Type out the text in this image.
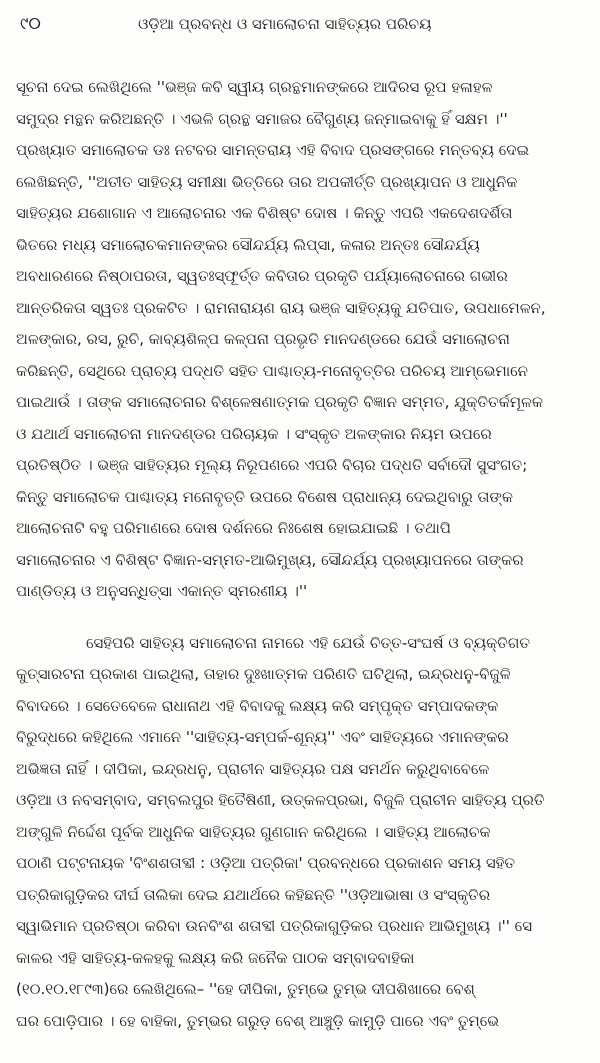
୯୦	ଓଡ଼ିଆ ପ୍ରବନ୍ଧ ଓ ସମାଲୋଚନା ସାହିତ୍ୟର ପରିଚୟ

ସୂଚନା ଦେଇ ଲେଖିଥିଲେ ''ଭଞ୍ଜ କବି ସ୍ୱୀୟ ଗ୍ରନ୍ଥମାନଙ୍କରେ ଆଦିରସ ରୂପ ହଳାହଳ
ସମୁଦ୍ର ମନ୍ଥନ କରିଅଛନ୍ତି । ଏଭଳି ଗ୍ରନ୍ଥ ସମାଜର ବୈଗୁଣ୍ୟ ଜନ୍ମାଇବାକୁ ହିଁ ସକ୍ଷମ ।''
ପ୍ରଖ୍ୟାତ ସମାଲୋଚକ ଡଃ ନଟବର ସାମନ୍ତରାୟ ଏହି ବିବାଦ ପ୍ରସଙ୍ଗରେ ମନ୍ତବ୍ୟ ଦେଇ
ଲେଖିଛନ୍ତି, ''ଅତୀତ ସାହିତ୍ୟ ସମୀକ୍ଷା ଭିତ୍ତିରେ ତାର ଅପକୀର୍ତ୍ତି ପ୍ରଖ୍ୟାପନ ଓ ଆଧୁନିକ
ସାହିତ୍ୟର ଯଶୋଗାନ ଏ ଆଲୋଚନାର ଏକ ବିଶିଷ୍ଟ ଦୋଷ । କିନ୍ତୁ ଏପରି ଏକଦେଶଦର୍ଶିତା
ଭିତରେ ମଧ୍ୟ ସମାଲୋଚକମାନଙ୍କର ସୌନ୍ଦର୍ଯ୍ୟ ଲିପ୍ସା, କଳାର ଅନ୍ତଃ ସୌନ୍ଦର୍ଯ୍ୟ
ଅବଧାରଣରେ ନିଷ୍ଠାପରତା, ସ୍ୱତଃସ୍ଫୂର୍ତ୍ତ କବିତାର ପ୍ରକୃତି ପର୍ଯ୍ୟାଲୋଚନାରେ ଗଭୀର
ଆନ୍ତରିକତା ସ୍ୱତଃ ପ୍ରକଟିତ । ରାମନାରାୟଣ ରାୟ ଭଞ୍ଜ ସାହିତ୍ୟକୁ ଯତିପାତ, ଉପଧାମେଳନ,
ଅଳଙ୍କାର, ରସ, ରୁଚି, କାବ୍ୟଶିଳ୍ପ କଳ୍ପନା ପ୍ରଭୃତି ମାନଦଣ୍ଡରେ ଯେଉଁ ସମାଲୋଚନା
କରିଛନ୍ତି, ସେଥିରେ ପ୍ରାଚ୍ୟ ପଦ୍ଧତି ସହିତ ପାଶ୍ଚାତ୍ୟ-ମନୋବୃତ୍ତିର ପରିଚୟ ଆମ୍ଭେମାନେ
ପାଇଥାଉଁ । ତାଙ୍କ ସମାଲୋଚନାର ବିଶ୍ଳେଷଣାତ୍ମକ ପ୍ରକୃତି ବିଜ୍ଞାନ ସମ୍ମତ, ଯୁକ୍ତିତର୍କମୂଳକ
ଓ ଯଥାର୍ଥ ସମାଲୋଚନା ମାନଦଣ୍ଡର ପରିଚାୟକ । ସଂସ୍କୃତ ଅଳଙ୍କାର ନିୟମ ଉପରେ
ପ୍ରତିଷ୍ଠିତ । ଭଞ୍ଜ ସାହିତ୍ୟର ମୂଲ୍ୟ ନିରୂପଣରେ ଏପରି ବିଚାର ପଦ୍ଧତି ସର୍ବାଦୌ ସୁସଂଗତ;
କିନ୍ତୁ ସମାଲୋଚକ ପାଶ୍ଚାତ୍ୟ ମନୋବୃତ୍ତି ଉପରେ ବିଶେଷ ପ୍ରାଧାନ୍ୟ ଦେଇଥିବାରୁ ତାଙ୍କ
ଆଲୋଚନାଟି ବହୁ ପରିମାଣରେ ଦୋଷ ଦର୍ଶନରେ ନିଃଶେଷ ହୋଇଯାଇଛି । ତଥାପି
ସମାଲୋଚନାର ଏ ବିଶିଷ୍ଟ ବିଜ୍ଞାନ-ସମ୍ମତ-ଆଭିମୁଖ୍ୟ, ସୌନ୍ଦର୍ଯ୍ୟ ପ୍ରଖ୍ୟାପନରେ ତାଙ୍କର
ପାଣ୍ଡିତ୍ୟ ଓ ଅନୁସନ୍ଧିତ୍ସା ଏକାନ୍ତ ସ୍ମରଣୀୟ ।''

ସେହିପରି ସାହିତ୍ୟ ସମାଲୋଚନା ନାମରେ ଏହି ଯେଉଁ ଚିତ୍ତ-ସଂଘର୍ଷ ଓ ବ୍ୟକ୍ତିଗତ
କୁତ୍ସାରଟନା ପ୍ରକାଶ ପାଇଥିଲା, ତାହାର ଦୁଃଖାତ୍ମକ ପରିଣତି ଘଟିଥିଲା, ଇନ୍ଦ୍ରଧନୁ-ବିଜୁଳି
ବିବାଦରେ । ସେତେବେଳେ ରାଧାନାଥ ଏହି ବିବାଦକୁ ଲକ୍ଷ୍ୟ କରି ସମ୍ପୃକ୍ତ ସମ୍ପାଦକଙ୍କ
ବିରୁଦ୍ଧରେ କହିଥିଲେ ଏମାନେ ''ସାହିତ୍ୟ-ସମ୍ପର୍କ-ଶୂନ୍ୟ'' ଏବଂ ସାହିତ୍ୟରେ ଏମାନଙ୍କର
ଅଭିଜ୍ଞତା ନାହିଁ । ଦୀପିକା, ଇନ୍ଦ୍ରଧନୁ, ପ୍ରାଚୀନ ସାହିତ୍ୟର ପକ୍ଷ ସମର୍ଥନ କରୁଥିବାବେଳେ
ଓଡ଼ିଆ ଓ ନବସମ୍ବାଦ, ସମ୍ବଲପୁର ହିତୈଷିଣୀ, ଉତ୍କଳପ୍ରଭା, ବିଜୁଳି ପ୍ରାଚୀନ ସାହିତ୍ୟ ପ୍ରତି
ଅଙ୍ଗୁଳି ନିର୍ଦ୍ଦେଶ ପୂର୍ବକ ଆଧୁନିକ ସାହିତ୍ୟର ଗୁଣଗାନ କରିଥିଲେ । ସାହିତ୍ୟ ଆଲୋଚକ
ପଠାଣି ପଟ୍ଟନାୟକ 'ବିଂଶଶତାବ୍ଦୀ : ଓଡ଼ିଆ ପତ୍ରିକା' ପ୍ରବନ୍ଧରେ ପ୍ରକାଶନ ସମୟ ସହିତ
ପତ୍ରିକାଗୁଡ଼ିକର ଦୀର୍ଘ ତାଲିକା ଦେଇ ଯଥାର୍ଥରେ କହିଛନ୍ତି ''ଓଡ଼ିଆଭାଷା ଓ ସଂସ୍କୃତିର
ସ୍ୱାଭିମାନ ପ୍ରତିଷ୍ଠା କରିବା ଉନବିଂଶ ଶତାବ୍ଦୀ ପତ୍ରିକାଗୁଡ଼ିକର ପ୍ରଧାନ ଆଭିମୁଖ୍ୟ ।'' ସେ
କାଳର ଏହି ସାହିତ୍ୟ-କଳହକୁ ଲକ୍ଷ୍ୟ କରି ଜନୈକ ପାଠକ ସମ୍ବାଦବାହିକା
(୧୦.୧୦.୧୮୯୩)ରେ ଲେଖିଥିଲେ– ''ହେ ଦୀପିକା, ତୁମ୍ଭେ ତୁମ୍ଭ ଦୀପଶିଖାରେ ବେଶ୍
ଘର ପୋଡ଼ିପାର । ହେ ବାହିକା, ତୁମ୍ଭର ଗରୁଡ଼ ବେଶ୍ ଆଞ୍ଚୁଡ଼ି କାମୁଡ଼ି ପାରେ ଏବଂ ତୁମ୍ଭେ
